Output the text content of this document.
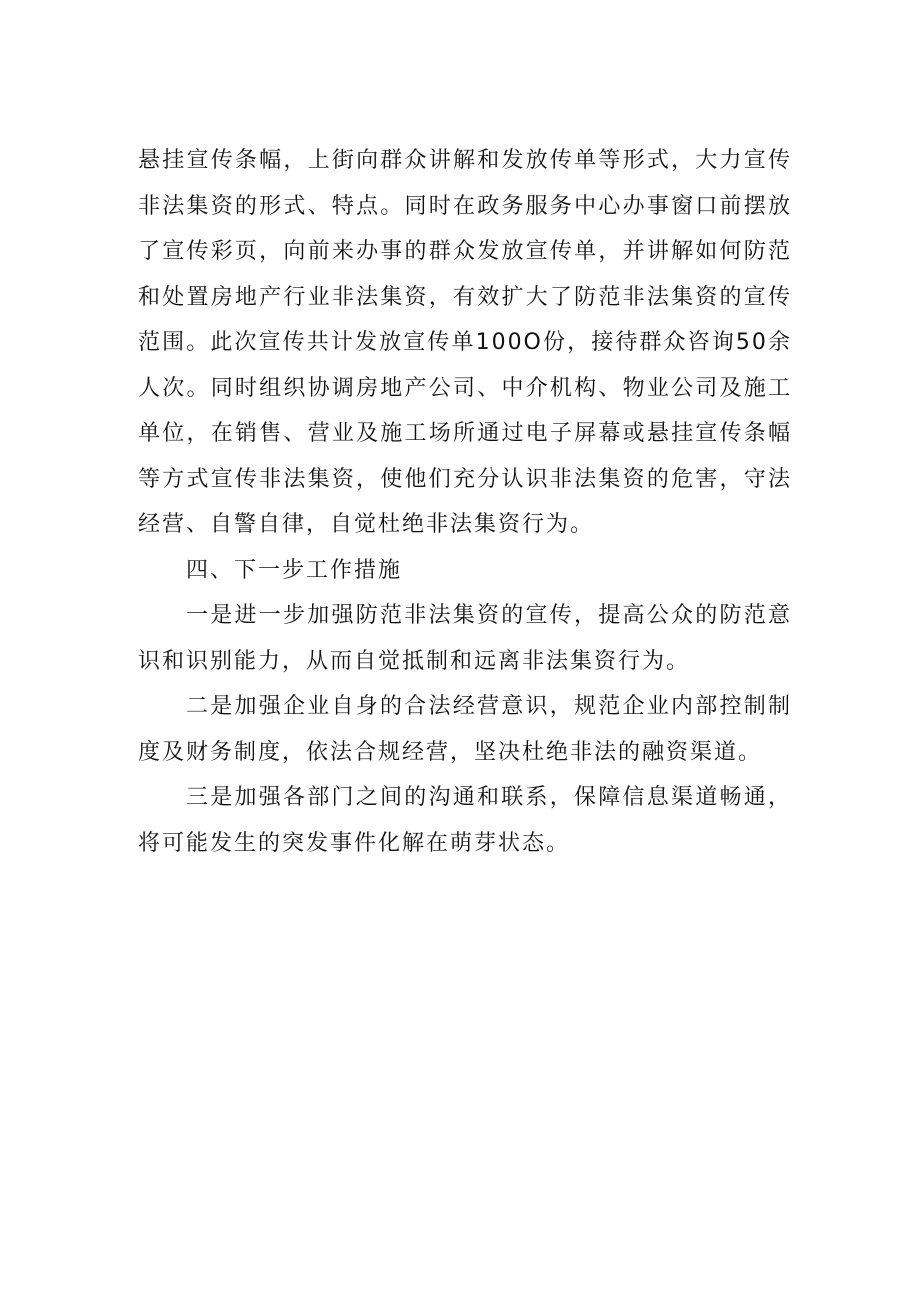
悬挂宣传条幅，上街向群众讲解和发放传单等形式，大力宣传非法集资的形式、特点。同时在政务服务中心办事窗口前摆放了宣传彩页，向前来办事的群众发放宣传单，并讲解如何防范和处置房地产行业非法集资，有效扩大了防范非法集资的宣传范围。此次宣传共计发放宣传单100O份，接待群众咨询50余人次。同时组织协调房地产公司、中介机构、物业公司及施工单位，在销售、营业及施工场所通过电子屏幕或悬挂宣传条幅等方式宣传非法集资，使他们充分认识非法集资的危害，守法经营、自警自律，自觉杜绝非法集资行为。

四、下一步工作措施

一是进一步加强防范非法集资的宣传，提高公众的防范意识和识别能力，从而自觉抵制和远离非法集资行为。

二是加强企业自身的合法经营意识，规范企业内部控制制度及财务制度，依法合规经营，坚决杜绝非法的融资渠道。

三是加强各部门之间的沟通和联系，保障信息渠道畅通，将可能发生的突发事件化解在萌芽状态。
